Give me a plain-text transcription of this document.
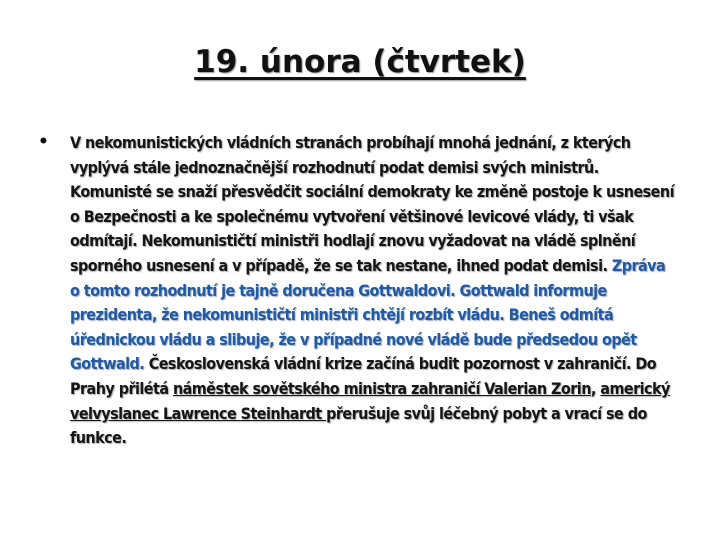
19. února (čtvrtek)
• V nekomunistických vládních stranách probíhají mnohá jednání, z kterých vyplývá stále jednoznačnější rozhodnutí podat demisi svých ministrů. Komunisté se snaží přesvědčit sociální demokraty ke změně postoje k usnesení o Bezpečnosti a ke společnému vytvoření většinové levicové vlády, ti však odmítají. Nekomunističtí ministři hodlají znovu vyžadovat na vládě splnění sporného usnesení a v případě, že se tak nestane, ihned podat demisi. Zpráva o tomto rozhodnutí je tajně doručena Gottwaldovi. Gottwald informuje prezidenta, že nekomunističtí ministři chtějí rozbít vládu. Beneš odmítá úřednickou vládu a slibuje, že v případné nové vládě bude předsedou opět Gottwald. Československá vládní krize začíná budit pozornost v zahraničí. Do Prahy přilétá náměstek sovětského ministra zahraničí Valerian Zorin, americký velvyslanec Lawrence Steinhardt přerušuje svůj léčebný pobyt a vrací se do funkce.
